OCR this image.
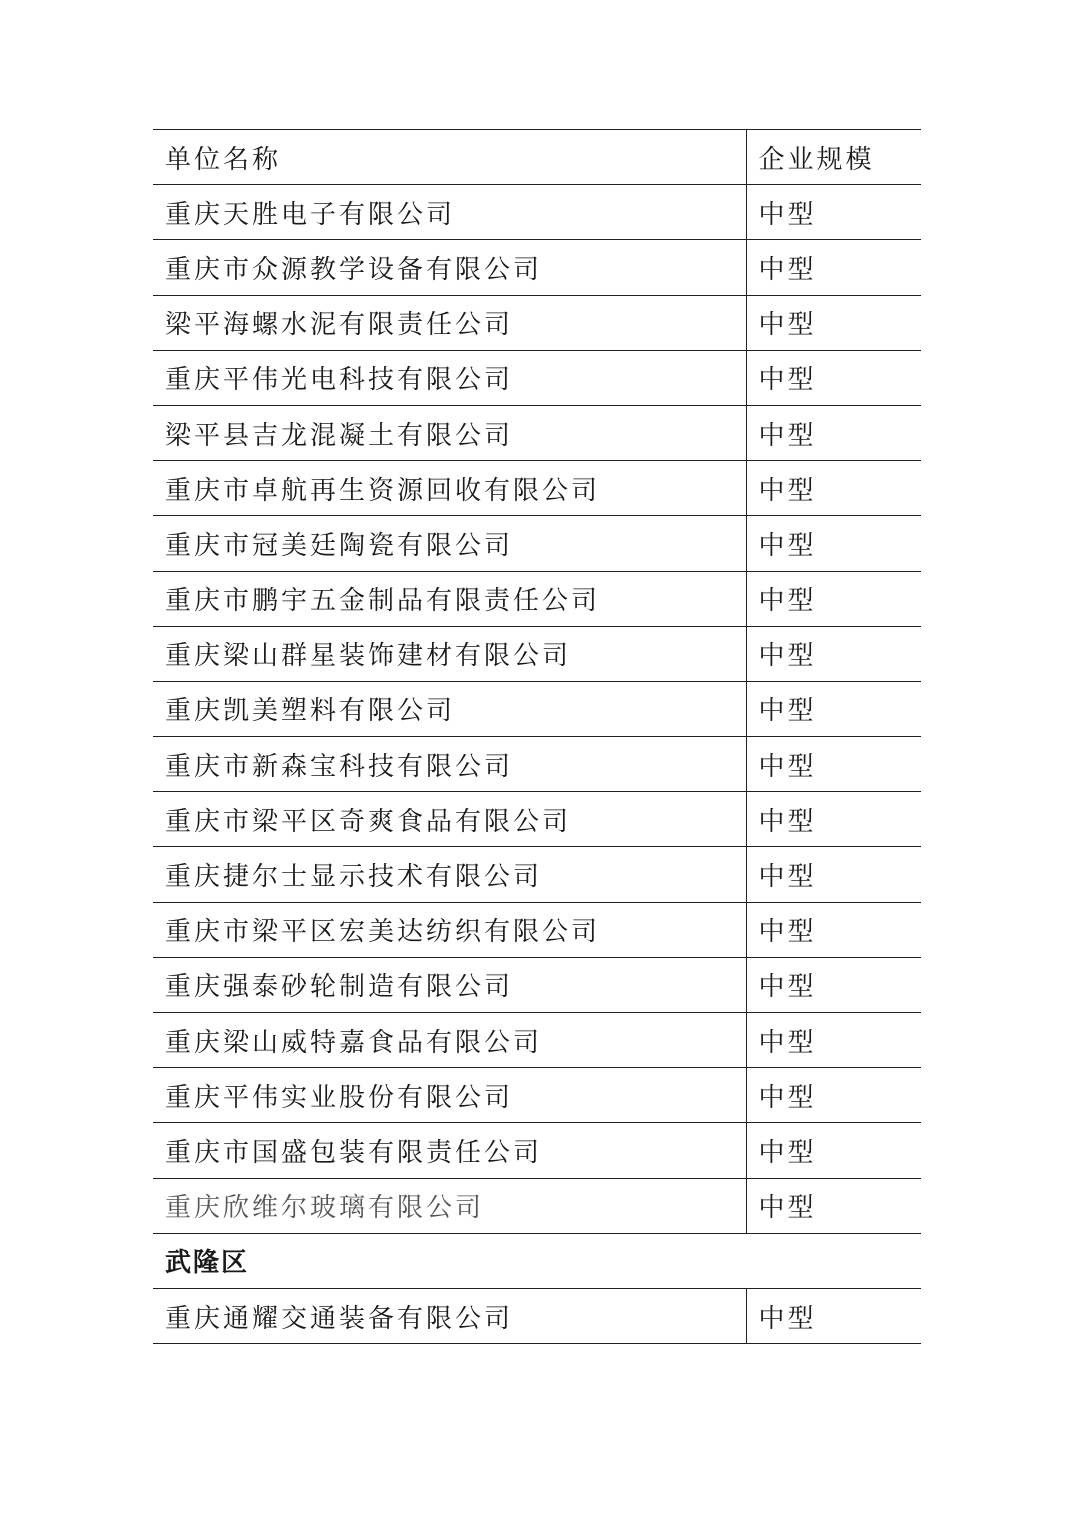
单位名称	企业规模
重庆天胜电子有限公司	中型
重庆市众源教学设备有限公司	中型
梁平海螺水泥有限责任公司	中型
重庆平伟光电科技有限公司	中型
梁平县吉龙混凝土有限公司	中型
重庆市卓航再生资源回收有限公司	中型
重庆市冠美廷陶瓷有限公司	中型
重庆市鹏宇五金制品有限责任公司	中型
重庆梁山群星装饰建材有限公司	中型
重庆凯美塑料有限公司	中型
重庆市新森宝科技有限公司	中型
重庆市梁平区奇爽食品有限公司	中型
重庆捷尔士显示技术有限公司	中型
重庆市梁平区宏美达纺织有限公司	中型
重庆强泰砂轮制造有限公司	中型
重庆梁山威特嘉食品有限公司	中型
重庆平伟实业股份有限公司	中型
重庆市国盛包装有限责任公司	中型
重庆欣维尔玻璃有限公司	中型
武隆区	
重庆通耀交通装备有限公司	中型
